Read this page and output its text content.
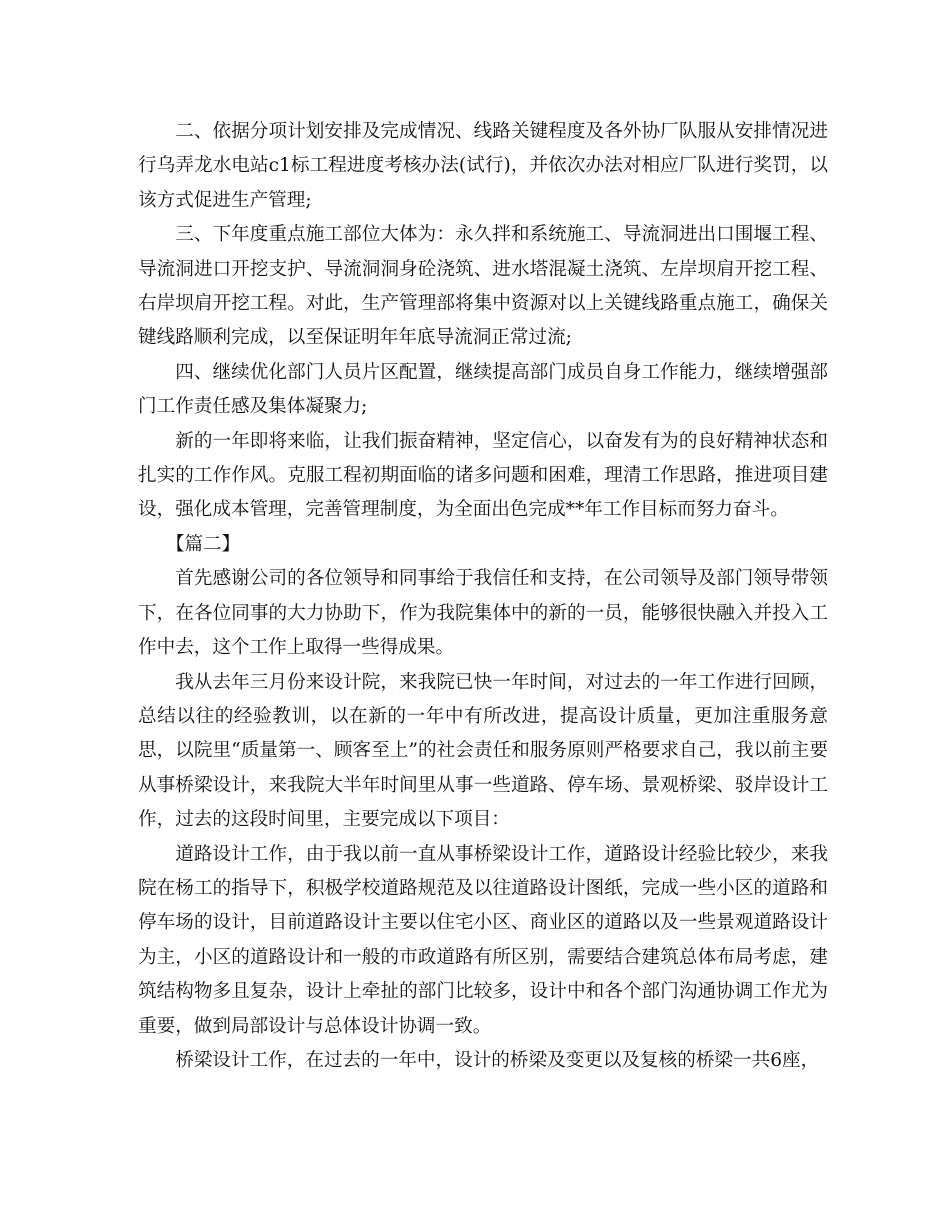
二、依据分项计划安排及完成情况、线路关键程度及各外协厂队服从安排情况进行乌弄龙水电站c1标工程进度考核办法(试行)，并依次办法对相应厂队进行奖罚，以该方式促进生产管理;

三、下年度重点施工部位大体为：永久拌和系统施工、导流洞进出口围堰工程、导流洞进口开挖支护、导流洞洞身砼浇筑、进水塔混凝土浇筑、左岸坝肩开挖工程、右岸坝肩开挖工程。对此，生产管理部将集中资源对以上关键线路重点施工，确保关键线路顺利完成，以至保证明年年底导流洞正常过流;

四、继续优化部门人员片区配置，继续提高部门成员自身工作能力，继续增强部门工作责任感及集体凝聚力;

新的一年即将来临，让我们振奋精神，坚定信心，以奋发有为的良好精神状态和扎实的工作作风。克服工程初期面临的诸多问题和困难，理清工作思路，推进项目建设，强化成本管理，完善管理制度，为全面出色完成**年工作目标而努力奋斗。

【篇二】

首先感谢公司的各位领导和同事给于我信任和支持，在公司领导及部门领导带领下，在各位同事的大力协助下，作为我院集体中的新的一员，能够很快融入并投入工作中去，这个工作上取得一些得成果。

我从去年三月份来设计院，来我院已快一年时间，对过去的一年工作进行回顾，总结以往的经验教训，以在新的一年中有所改进，提高设计质量，更加注重服务意思，以院里“质量第一、顾客至上”的社会责任和服务原则严格要求自己，我以前主要从事桥梁设计，来我院大半年时间里从事一些道路、停车场、景观桥梁、驳岸设计工作，过去的这段时间里，主要完成以下项目：

道路设计工作，由于我以前一直从事桥梁设计工作，道路设计经验比较少，来我院在杨工的指导下，积极学校道路规范及以往道路设计图纸，完成一些小区的道路和停车场的设计，目前道路设计主要以住宅小区、商业区的道路以及一些景观道路设计为主，小区的道路设计和一般的市政道路有所区别，需要结合建筑总体布局考虑，建筑结构物多且复杂，设计上牵扯的部门比较多，设计中和各个部门沟通协调工作尤为重要，做到局部设计与总体设计协调一致。

桥梁设计工作，在过去的一年中，设计的桥梁及变更以及复核的桥梁一共6座，
